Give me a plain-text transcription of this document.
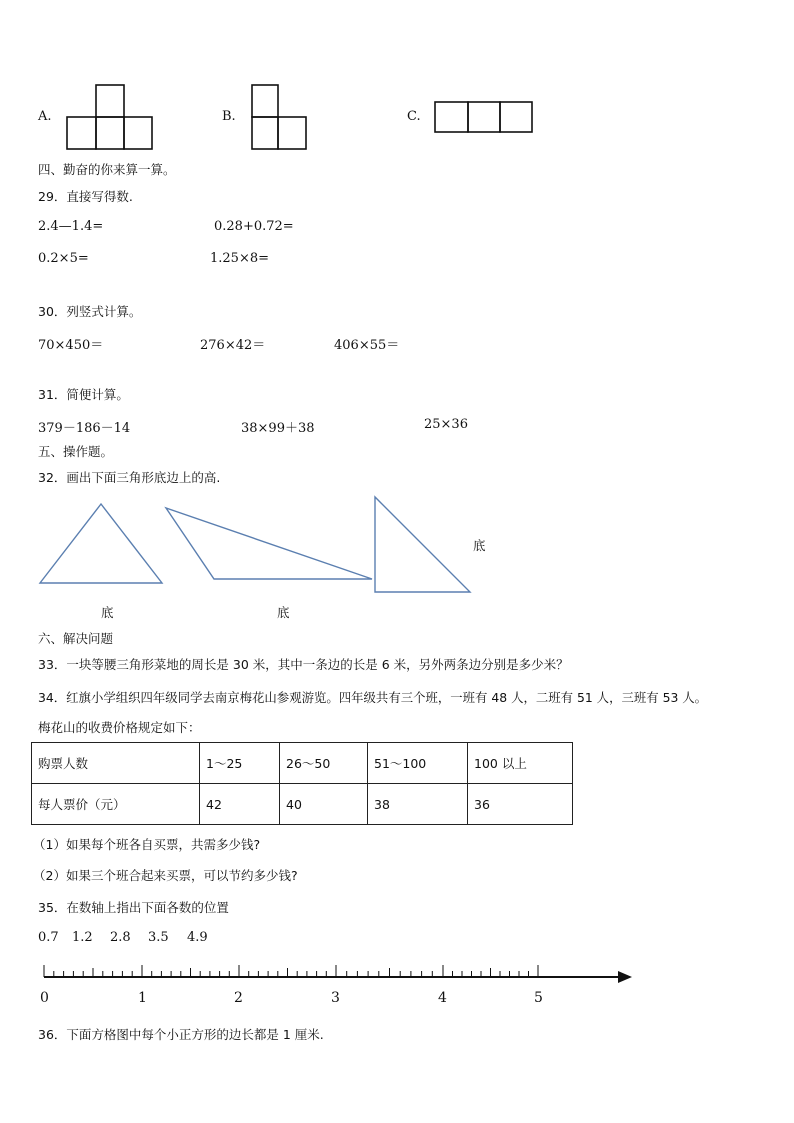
A.	B.	C.
四、勤奋的你来算一算。
29．直接写得数.
2.4—1.4=	0.28+0.72=
0.2×5=	1.25×8=
30．列竖式计算。
70×450＝	276×42＝	406×55＝
31．简便计算。
379－186－14	38×99＋38	25×36
五、操作题。
32．画出下面三角形底边上的高.
底	底
底
六、解决问题
33．一块等腰三角形菜地的周长是 30 米，其中一条边的长是 6 米，另外两条边分别是多少米？
34．红旗小学组织四年级同学去南京梅花山参观游览。四年级共有三个班，一班有 48 人，二班有 51 人，三班有 53 人。
梅花山的收费价格规定如下：
购票人数	1～25	26～50	51～100	100 以上
每人票价（元）	42	40	38	36
（1）如果每个班各自买票，共需多少钱?
（2）如果三个班合起来买票，可以节约多少钱?
35．在数轴上指出下面各数的位置
0.7 1.2 2.8 3.5 4.9
0	1	2	3	4	5
36．下面方格图中每个小正方形的边长都是 1 厘米.
